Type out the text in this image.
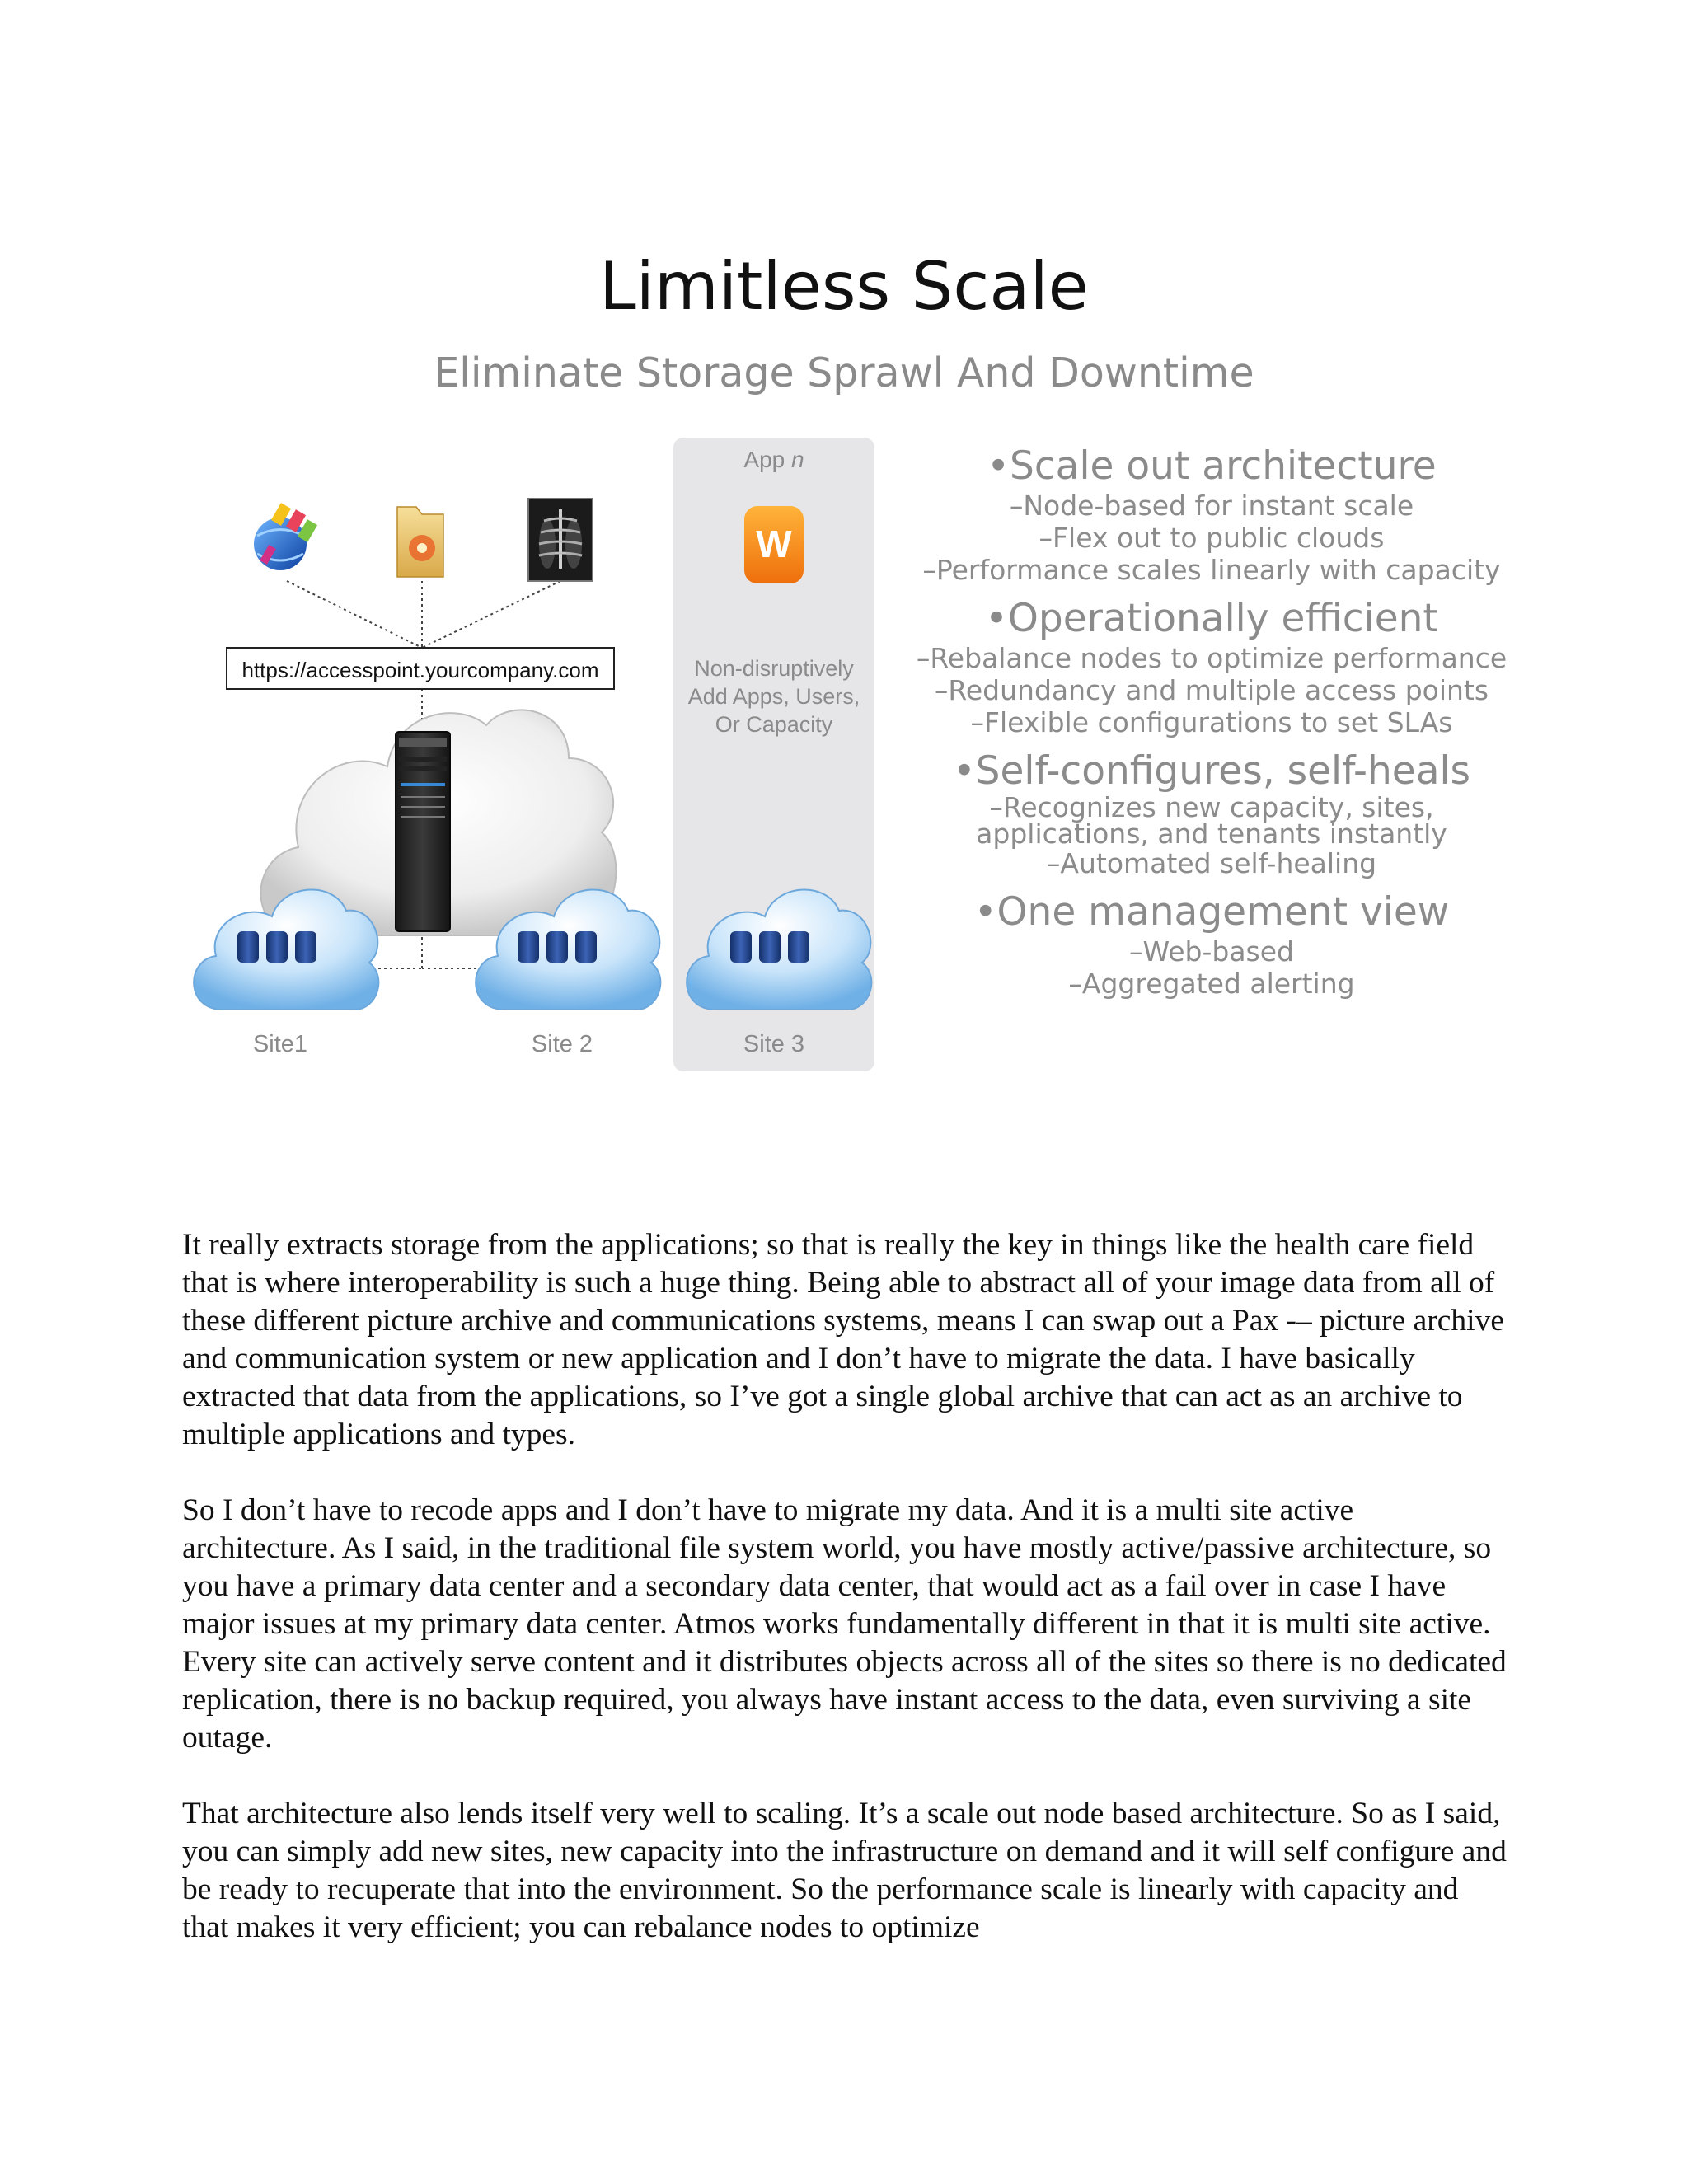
Limitless Scale
Eliminate Storage Sprawl And Downtime
W
https://accesspoint.yourcompany.com
App n
Non-disruptively
Add Apps, Users,
Or Capacity
Site1	Site 2	Site 3
•Scale out architecture
–Node-based for instant scale
–Flex out to public clouds
–Performance scales linearly with capacity
•Operationally efficient
–Rebalance nodes to optimize performance
–Redundancy and multiple access points
–Flexible configurations to set SLAs
•Self-configures, self-heals
–Recognizes new capacity, sites,
applications, and tenants instantly
–Automated self-healing
•One management view
–Web-based
–Aggregated alerting

It really extracts storage from the applications; so that is really the key in things like the health care field that is where interoperability is such a huge thing. Being able to abstract all of your image data from all of these different picture archive and communications systems, means I can swap out a Pax -– picture archive and communication system or new application and I don’t have to migrate the data. I have basically extracted that data from the applications, so I’ve got a single global archive that can act as an archive to multiple applications and types.

So I don’t have to recode apps and I don’t have to migrate my data. And it is a multi site active architecture. As I said, in the traditional file system world, you have mostly active/passive architecture, so you have a primary data center and a secondary data center, that would act as a fail over in case I have major issues at my primary data center. Atmos works fundamentally different in that it is multi site active. Every site can actively serve content and it distributes objects across all of the sites so there is no dedicated replication, there is no backup required, you always have instant access to the data, even surviving a site outage.

That architecture also lends itself very well to scaling. It’s a scale out node based architecture. So as I said, you can simply add new sites, new capacity into the infrastructure on demand and it will self configure and be ready to recuperate that into the environment. So the performance scale is linearly with capacity and that makes it very efficient; you can rebalance nodes to optimize
